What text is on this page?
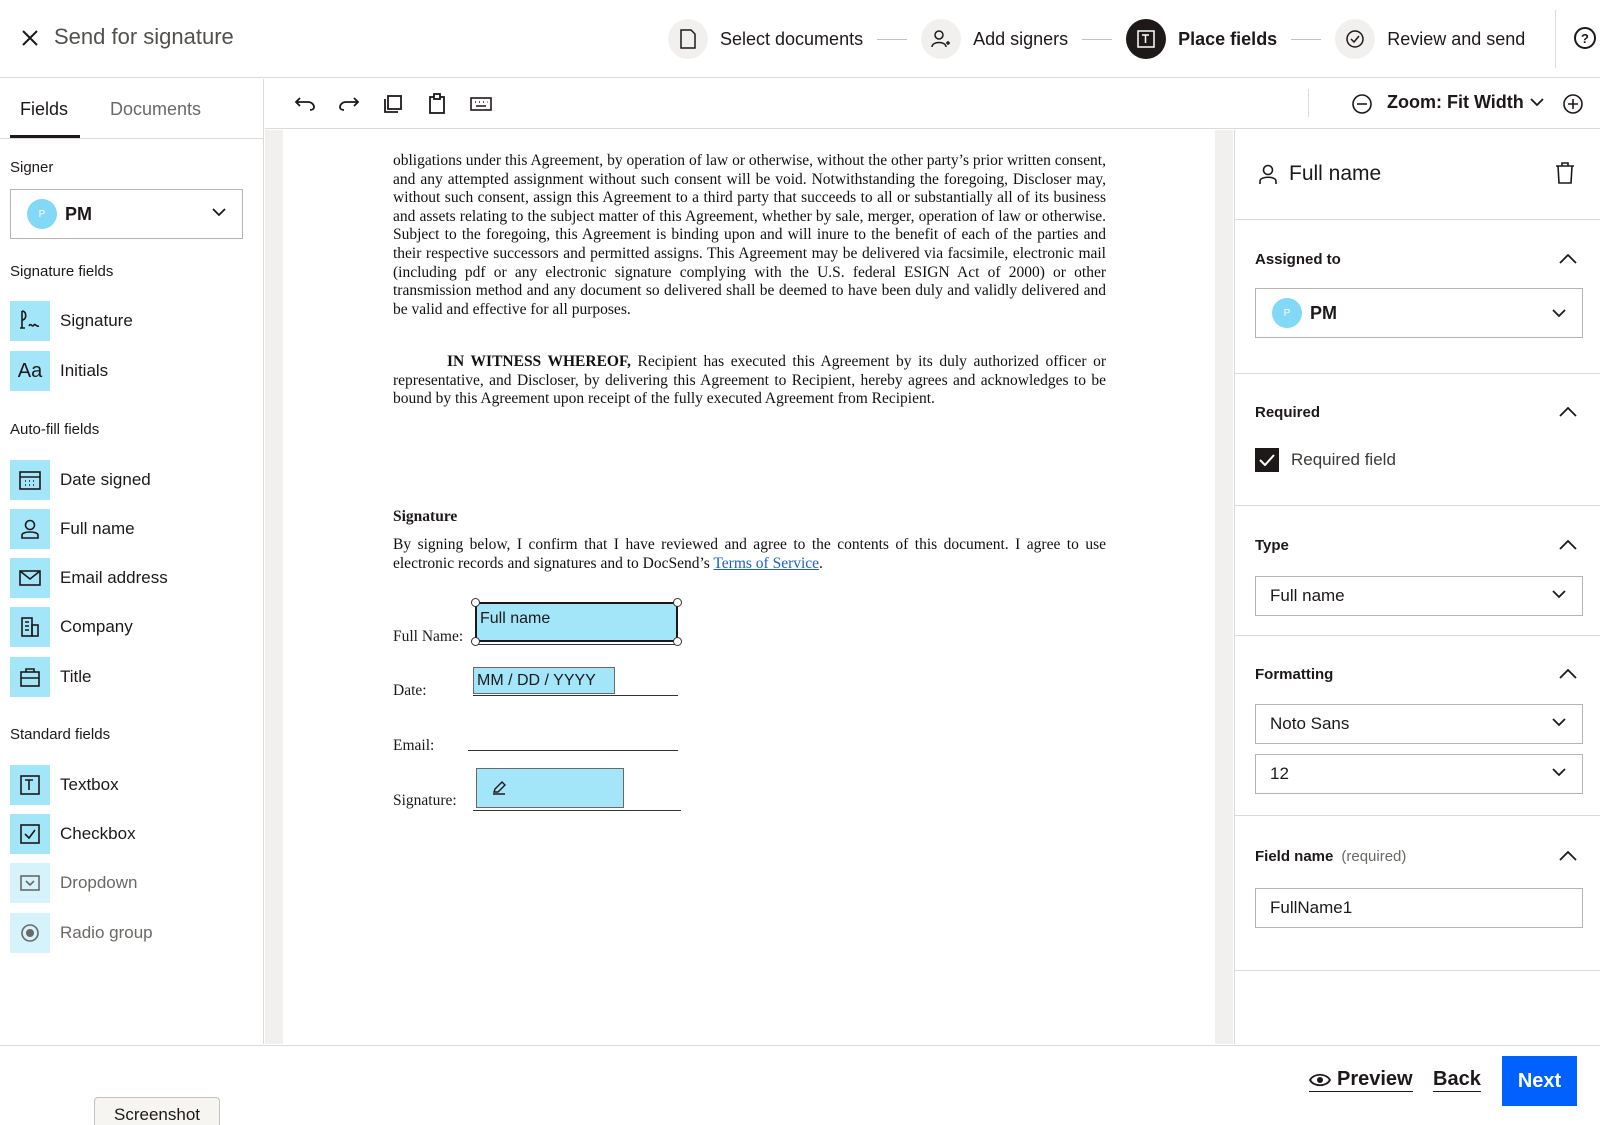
Send for signature	Select documents	Add signers	Place fields	Review and send	?
Fields Documents
Signer
P	PM
Signature fields
Signature
Aa Initials
Auto-fill fields
Date signed
Full name
Email address
Company
Title
Standard fields
Textbox
Checkbox
Dropdown
Radio group
Zoom: Fit Width

obligations under this Agreement, by operation of law or otherwise, without the other party’s prior written consent, and any attempted assignment without such consent will be void. Notwithstanding the foregoing, Discloser may, without such consent, assign this Agreement to a third party that succeeds to all or substantially all of its business and assets relating to the subject matter of this Agreement, whether by sale, merger, operation of law or otherwise. Subject to the foregoing, this Agreement is binding upon and will inure to the benefit of each of the parties and their respective successors and permitted assigns. This Agreement may be delivered via facsimile, electronic mail (including pdf or any electronic signature complying with the U.S. federal ESIGN Act of 2000) or other transmission method and any document so delivered shall be deemed to have been duly and validly delivered and be valid and effective for all purposes.

IN WITNESS WHEREOF, Recipient has executed this Agreement by its duly authorized officer or representative, and Discloser, by delivering this Agreement to Recipient, hereby agrees and acknowledges to be bound by this Agreement upon receipt of the fully executed Agreement from Recipient.

Signature

By signing below, I confirm that I have reviewed and agree to the contents of this document. I agree to use electronic records and signatures and to DocSend’s Terms of Service.

Full Name:
Full name
Date:
MM / DD / YYYY
Email:
Signature:
Full name
Assigned to
P	PM
Required
Required field
Type
Full name
Formatting
Noto Sans
12
Field name (required)
FullName1
Screenshot
Preview Back	Next
